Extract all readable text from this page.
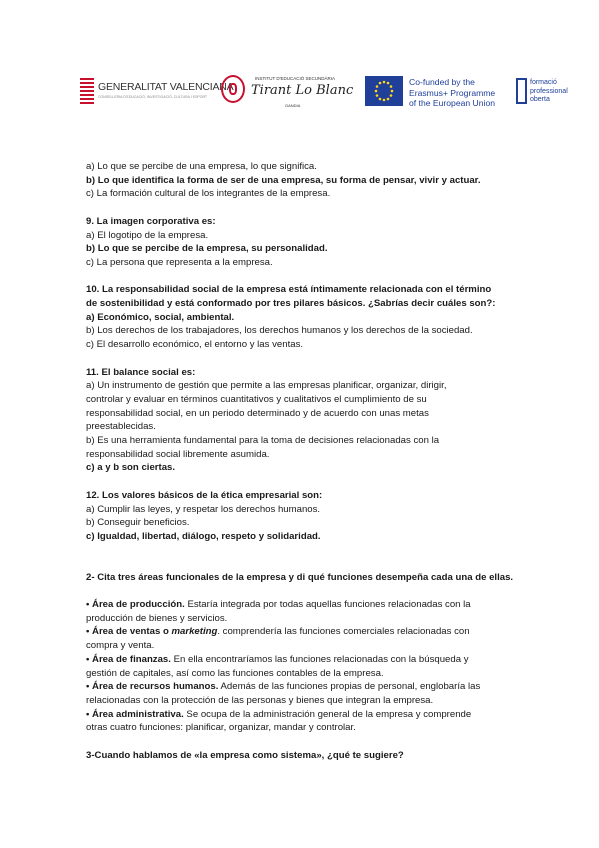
GENERALITAT VALENCIANA
CONSELLERIA D'EDUCACIÓ, INVESTIGACIÓ, CULTURA I ESPORT
INSTITUT D'EDUCACIÓ SECUNDÀRIA
Tirant Lo Blanc
GANDIA
Co-funded by the
Erasmus+ Programme
of the European Union
formació
professional
oberta

a) Lo que se percibe de una empresa, lo que significa.

b) Lo que identifica la forma de ser de una empresa, su forma de pensar, vivir y actuar.

c) La formación cultural de los integrantes de la empresa.

9. La imagen corporativa es:

a) El logotipo de la empresa.

b) Lo que se percibe de la empresa, su personalidad.

c) La persona que representa a la empresa.

10. La responsabilidad social de la empresa está íntimamente relacionada con el término

de sostenibilidad y está conformado por tres pilares básicos. ¿Sabrías decir cuáles son?:

a) Económico, social, ambiental.

b) Los derechos de los trabajadores, los derechos humanos y los derechos de la sociedad.

c) El desarrollo económico, el entorno y las ventas.

11. El balance social es:

a) Un instrumento de gestión que permite a las empresas planificar, organizar, dirigir,

controlar y evaluar en términos cuantitativos y cualitativos el cumplimiento de su

responsabilidad social, en un periodo determinado y de acuerdo con unas metas

preestablecidas.

b) Es una herramienta fundamental para la toma de decisiones relacionadas con la

responsabilidad social libremente asumida.

c) a y b son ciertas.

12. Los valores básicos de la ética empresarial son:

a) Cumplir las leyes, y respetar los derechos humanos.

b) Conseguir beneficios.

c) Igualdad, libertad, diálogo, respeto y solidaridad.

2- Cita tres áreas funcionales de la empresa y di qué funciones desempeña cada una de ellas.

• Área de producción. Estaría integrada por todas aquellas funciones relacionadas con la

producción de bienes y servicios.

• Área de ventas o marketing. comprendería las funciones comerciales relacionadas con

compra y venta.

• Área de finanzas. En ella encontraríamos las funciones relacionadas con la búsqueda y

gestión de capitales, así como las funciones contables de la empresa.

• Área de recursos humanos. Además de las funciones propias de personal, englobaría las

relacionadas con la protección de las personas y bienes que integran la empresa.

• Área administrativa. Se ocupa de la administración general de la empresa y comprende

otras cuatro funciones: planificar, organizar, mandar y controlar.

3-Cuando hablamos de «la empresa como sistema», ¿qué te sugiere?
